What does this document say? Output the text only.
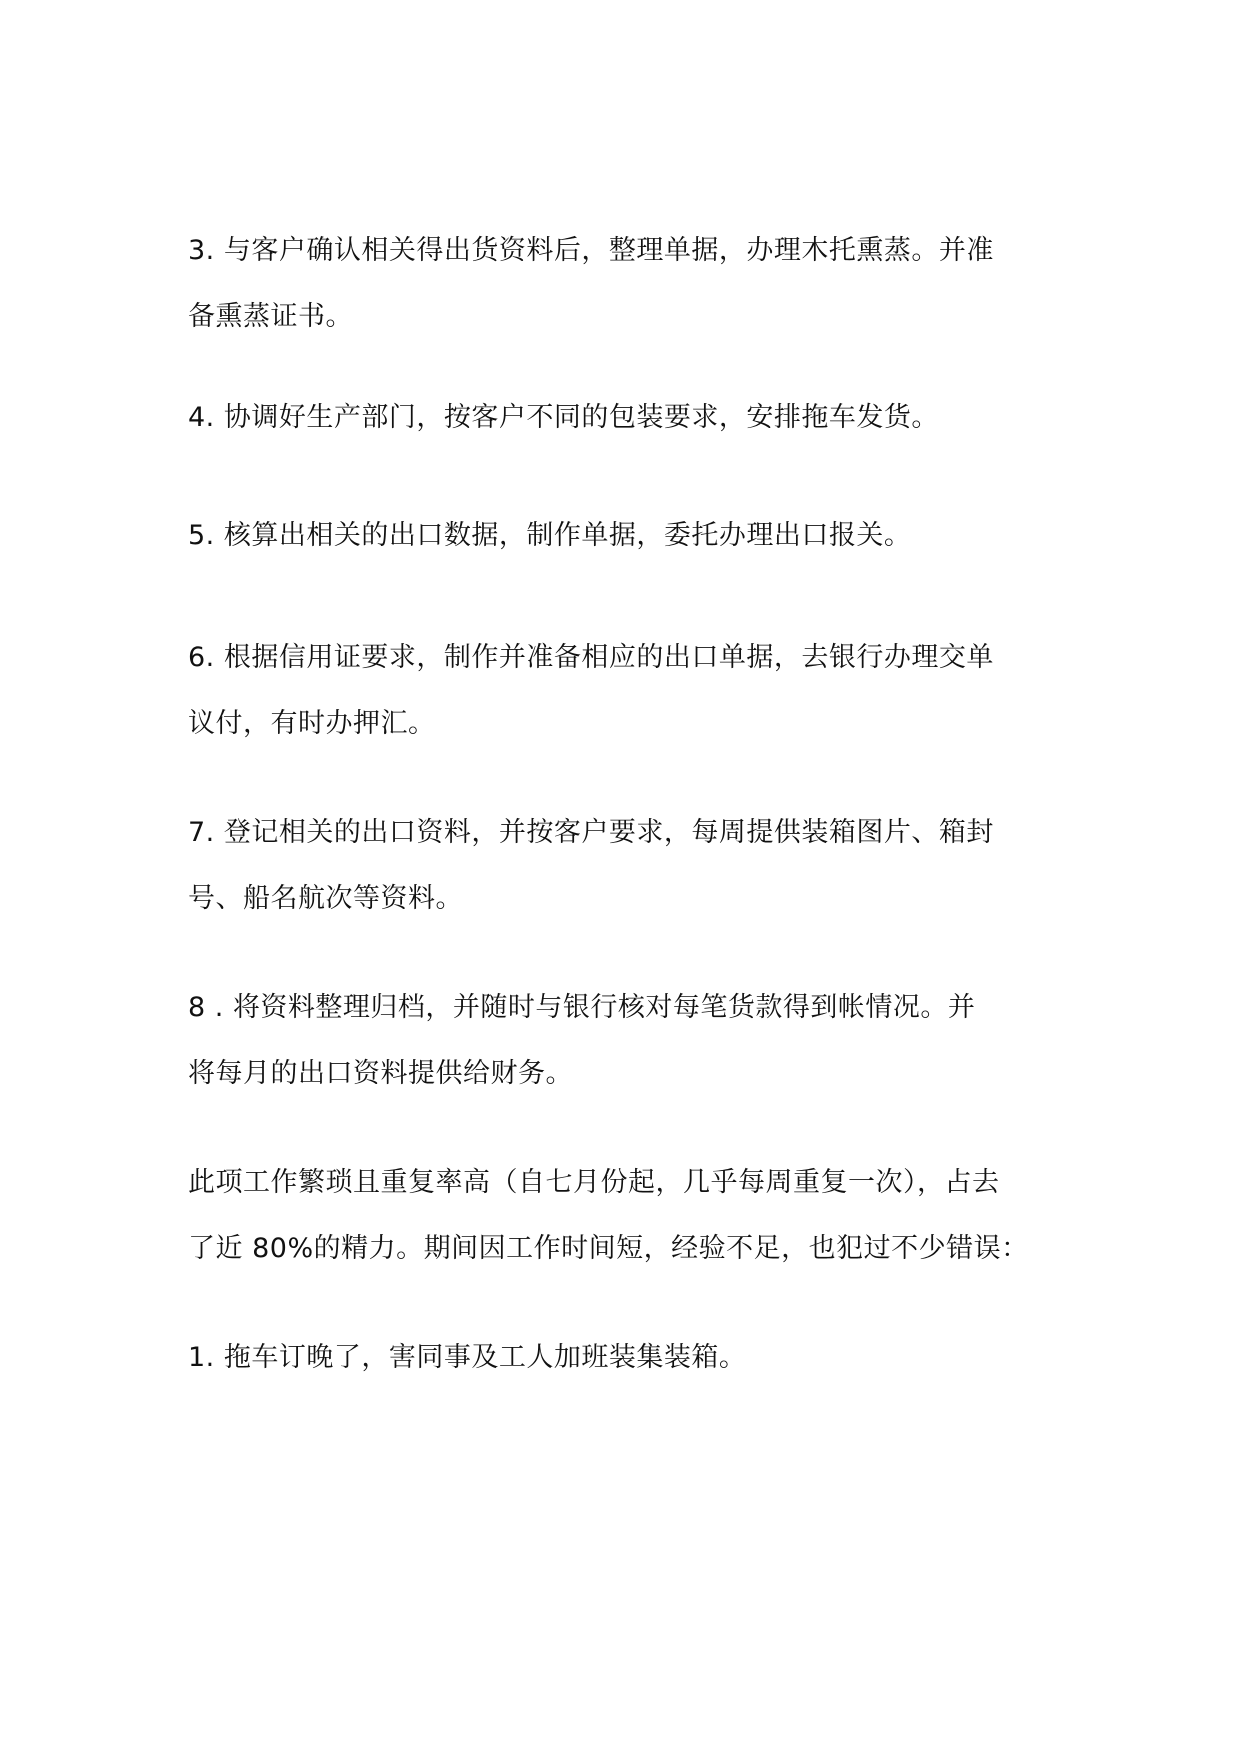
3. 与客户确认相关得出货资料后，整理单据，办理木托熏蒸。并准
备熏蒸证书。
4. 协调好生产部门，按客户不同的包装要求，安排拖车发货。
5. 核算出相关的出口数据，制作单据，委托办理出口报关。
6. 根据信用证要求，制作并准备相应的出口单据，去银行办理交单
议付，有时办押汇。
7. 登记相关的出口资料，并按客户要求，每周提供装箱图片、箱封
号、船名航次等资料。
8 . 将资料整理归档，并随时与银行核对每笔货款得到帐情况。并
将每月的出口资料提供给财务。
此项工作繁琐且重复率高（自七月份起，几乎每周重复一次），占去
了近 80%的精力。期间因工作时间短，经验不足，也犯过不少错误：
1. 拖车订晚了，害同事及工人加班装集装箱。
